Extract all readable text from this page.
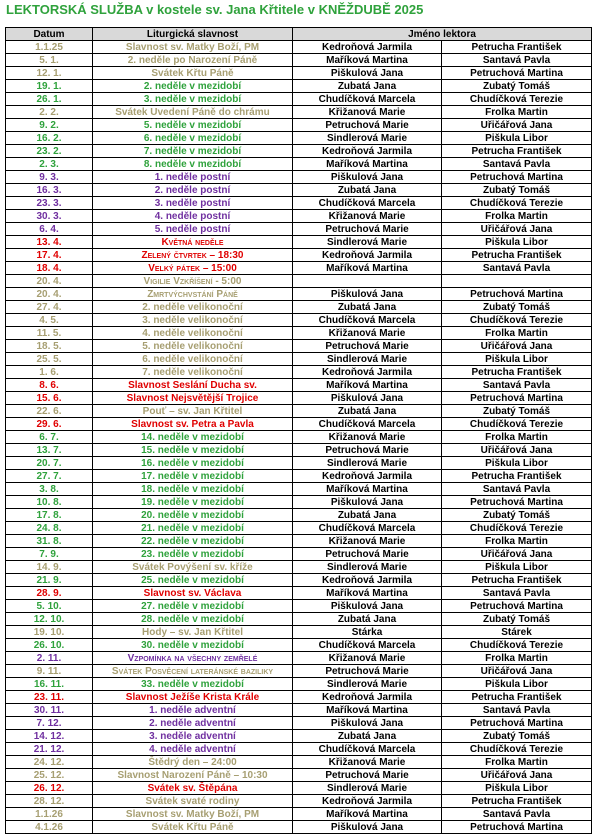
LEKTORSKÁ SLUŽBA v kostele sv. Jana Křtitele v KNĚŽDUBĚ 2025
Datum	Liturgická slavnost	Jméno lektora	
1.1.25	Slavnost sv. Matky Boží, PM	Kedroňová Jarmila	Petrucha František
5. 1.	2. neděle po Narození Páně	Maříková Martina	Santavá Pavla
12. 1.	Svátek Křtu Páně	Piškulová Jana	Petruchová Martina
19. 1.	2. neděle v mezidobí	Zubatá Jana	Zubatý Tomáš
26. 1.	3. neděle v mezidobí	Chudíčková Marcela	Chudíčková Terezie
2. 2.	Svátek Uvedení Páně do chrámu	Křižanová Marie	Frolka Martin
9. 2.	5. neděle v mezidobí	Petruchová Marie	Uřičářová Jana
16. 2.	6. neděle v mezidobí	Sindlerová Marie	Piškula Libor
23. 2.	7. neděle v mezidobí	Kedroňová Jarmila	Petrucha František
2. 3.	8. neděle v mezidobí	Maříková Martina	Santavá Pavla
9. 3.	1. neděle postní	Piškulová Jana	Petruchová Martina
16. 3.	2. neděle postní	Zubatá Jana	Zubatý Tomáš
23. 3.	3. neděle postní	Chudíčková Marcela	Chudíčková Terezie
30. 3.	4. neděle postní	Křižanová Marie	Frolka Martin
6. 4.	5. neděle postní	Petruchová Marie	Uřičářová Jana
13. 4.	Květná neděle	Sindlerová Marie	Piškula Libor
17. 4.	Zelený čtvrtek – 18:30	Kedroňová Jarmila	Petrucha František
18. 4.	Velký pátek – 15:00	Maříková Martina	Santavá Pavla
20. 4.	Vigilie Vzkříšení - 5:00		
20. 4.	Zmrtvýchvstání Páně	Piškulová Jana	Petruchová Martina
27. 4.	2. neděle velikonoční	Zubatá Jana	Zubatý Tomáš
4. 5.	3. neděle velikonoční	Chudíčková Marcela	Chudíčková Terezie
11. 5.	4. neděle velikonoční	Křižanová Marie	Frolka Martin
18. 5.	5. neděle velikonoční	Petruchová Marie	Uřičářová Jana
25. 5.	6. neděle velikonoční	Sindlerová Marie	Piškula Libor
1. 6.	7. neděle velikonoční	Kedroňová Jarmila	Petrucha František
8. 6.	Slavnost Seslání Ducha sv.	Maříková Martina	Santavá Pavla
15. 6.	Slavnost Nejsvětější Trojice	Piškulová Jana	Petruchová Martina
22. 6.	Pouť – sv. Jan Křtitel	Zubatá Jana	Zubatý Tomáš
29. 6.	Slavnost sv. Petra a Pavla	Chudíčková Marcela	Chudíčková Terezie
6. 7.	14. neděle v mezidobí	Křižanová Marie	Frolka Martin
13. 7.	15. neděle v mezidobí	Petruchová Marie	Uřičářová Jana
20. 7.	16. neděle v mezidobí	Sindlerová Marie	Piškula Libor
27. 7.	17. neděle v mezidobí	Kedroňová Jarmila	Petrucha František
3. 8.	18. neděle v mezidobí	Maříková Martina	Santavá Pavla
10. 8.	19. neděle v mezidobí	Piškulová Jana	Petruchová Martina
17. 8.	20. neděle v mezidobí	Zubatá Jana	Zubatý Tomáš
24. 8.	21. neděle v mezidobí	Chudíčková Marcela	Chudíčková Terezie
31. 8.	22. neděle v mezidobí	Křižanová Marie	Frolka Martin
7. 9.	23. neděle v mezidobí	Petruchová Marie	Uřičářová Jana
14. 9.	Svátek Povýšení sv. kříže	Sindlerová Marie	Piškula Libor
21. 9.	25. neděle v mezidobí	Kedroňová Jarmila	Petrucha František
28. 9.	Slavnost sv. Václava	Maříková Martina	Santavá Pavla
5. 10.	27. neděle v mezidobí	Piškulová Jana	Petruchová Martina
12. 10.	28. neděle v mezidobí	Zubatá Jana	Zubatý Tomáš
19. 10.	Hody – sv. Jan Křtitel	Stárka	Stárek
26. 10.	30. neděle v mezidobí	Chudíčková Marcela	Chudíčková Terezie
2. 11.	Vzpomínka na všechny zemřelé	Křižanová Marie	Frolka Martin
9. 11.	Svátek Posvěcení lateránské baziliky	Petruchová Marie	Uřičářová Jana
16. 11.	33. neděle v mezidobí	Sindlerová Marie	Piškula Libor
23. 11.	Slavnost Ježíše Krista Krále	Kedroňová Jarmila	Petrucha František
30. 11.	1. neděle adventní	Maříková Martina	Santavá Pavla
7. 12.	2. neděle adventní	Piškulová Jana	Petruchová Martina
14. 12.	3. neděle adventní	Zubatá Jana	Zubatý Tomáš
21. 12.	4. neděle adventní	Chudíčková Marcela	Chudíčková Terezie
24. 12.	Štědrý den – 24:00	Křižanová Marie	Frolka Martin
25. 12.	Slavnost Narození Páně – 10:30	Petruchová Marie	Uřičářová Jana
26. 12.	Svátek sv. Štěpána	Sindlerová Marie	Piškula Libor
28. 12.	Svátek svaté rodiny	Kedroňová Jarmila	Petrucha František
1.1.26	Slavnost sv. Matky Boží, PM	Maříková Martina	Santavá Pavla
4.1.26	Svátek Křtu Páně	Piškulová Jana	Petruchová Martina
